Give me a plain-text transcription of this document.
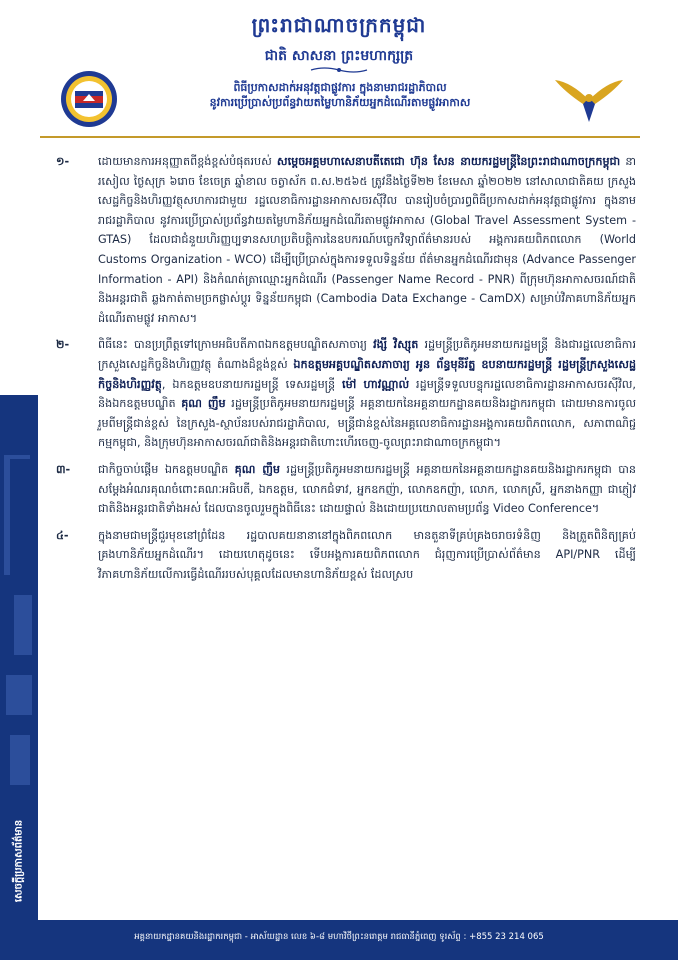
ព្រះរាជាណាចក្រកម្ពុជា
ជាតិ សាសនា ព្រះមហាក្សត្រ
ពិធីប្រកាសដាក់អនុវត្តជាផ្លូវការ ក្នុងនាមរាជរដ្ឋាភិបាល
នូវការប្រើប្រាស់ប្រព័ន្ធវាយតម្លៃហានិភ័យអ្នកដំណើរតាមផ្លូវអាកាស
សេចក្តីប្រកាសព័ត៌មាន
១-	ដោយមានការអនុញ្ញាតពីខ្ពង់ខ្ពស់បំផុតរបស់ សម្តេចអគ្គមហាសេនាបតីតេជោ ហ៊ុន សែន នាយករដ្ឋមន្ត្រីនៃព្រះរាជាណាចក្រកម្ពុជា នារសៀល ថ្ងៃសុក្រ ៦រោច ខែចេត្រ ឆ្នាំខាល ចត្វាស័ក ព.ស.២៥៦៥ ត្រូវនឹងថ្ងៃទី២២ ខែមេសា ឆ្នាំ២០២២ នៅសាលាជាតិគយ ក្រសួងសេដ្ឋកិច្ចនិងហិរញ្ញវត្ថុសហការជាមួយ រដ្ឋលេខាធិការដ្ឋានអាកាសចរស៊ីវិល បានរៀបចំប្រារព្ធពិធីប្រកាសដាក់អនុវត្តជាផ្លូវការ ក្នុងនាមរាជរដ្ឋាភិបាល នូវការប្រើប្រាស់ប្រព័ន្ធវាយតម្លៃហានិភ័យអ្នកដំណើរតាមផ្លូវអាកាស (Global Travel Assessment System - GTAS) ដែលជាជំនួយហិរញ្ញប្បទានសហប្រតិបត្តិការនៃឧបករណ៍បច្ចេកវិទ្យាព័ត៌មានរបស់ អង្គការគយពិភពលោក (World Customs Organization - WCO) ដើម្បីប្រើប្រាស់ក្នុងការទទួលទិន្នន័យ ព័ត៌មានអ្នកដំណើរជាមុន (Advance Passenger Information - API) និងកំណត់ត្រាឈ្មោះអ្នកដំណើរ (Passenger Name Record - PNR) ពីក្រុមហ៊ុនអាកាសចរណ៍ជាតិនិងអន្តរជាតិ ឆ្លងកាត់តាមច្រកផ្លាស់ប្តូរ ទិន្នន័យកម្ពុជា (Cambodia Data Exchange - CamDX) សម្រាប់វិភាគហានិភ័យអ្នកដំណើរតាមផ្លូវ អាកាស។
២-	ពិធីនេះ បានប្រព្រឹត្តទៅក្រោមអធិបតីភាពឯកឧត្តមបណ្ឌិតសភាចារ្យ វង្សី វិស្សុត រដ្ឋមន្ត្រីប្រតិភូអមនាយករដ្ឋមន្ត្រី និងជារដ្ឋលេខាធិការក្រសួងសេដ្ឋកិច្ចនិងហិរញ្ញវត្ថុ តំណាងដ៏ខ្ពង់ខ្ពស់ ឯកឧត្តមអគ្គបណ្ឌិតសភាចារ្យ អូន ព័ន្ធមុនីរ័ត្ន ឧបនាយករដ្ឋមន្ត្រី រដ្ឋមន្ត្រីក្រសួងសេដ្ឋកិច្ចនិងហិរញ្ញវត្ថុ, ឯកឧត្តមឧបនាយករដ្ឋមន្ត្រី ទេសរដ្ឋមន្ត្រី ម៉ៅ ហាវណ្ណាល់ រដ្ឋមន្ត្រីទទួលបន្ទុករដ្ឋលេខាធិការដ្ឋានអាកាសចរស៊ីវិល, និងឯកឧត្តមបណ្ឌិត គុណ ញឹម រដ្ឋមន្ត្រីប្រតិភូអមនាយករដ្ឋមន្ត្រី អគ្គនាយកនៃអគ្គនាយកដ្ឋានគយនិងរដ្ឋាករកម្ពុជា ដោយមានការចូលរួមពីមន្ត្រីជាន់ខ្ពស់ នៃក្រសួង-ស្ថាប័នរបស់រាជរដ្ឋាភិបាល, មន្ត្រីជាន់ខ្ពស់នៃអគ្គលេខាធិការដ្ឋានអង្គការគយពិភពលោក, សភាពាណិជ្ជកម្មកម្ពុជា, និងក្រុមហ៊ុនអាកាសចរណ៍ជាតិនិងអន្តរជាតិហោះហើរចេញ-ចូលព្រះរាជាណាចក្រកម្ពុជា។
៣- ជាកិច្ចចាប់ផ្តើម ឯកឧត្តមបណ្ឌិត គុណ ញឹម រដ្ឋមន្ត្រីប្រតិភូអមនាយករដ្ឋមន្ត្រី អគ្គនាយកនៃអគ្គនាយកដ្ឋានគយនិងរដ្ឋាករកម្ពុជា បានសម្តែងអំណរគុណចំពោះគណៈអធិបតី, ឯកឧត្តម, លោកជំទាវ, អ្នកឧកញ៉ា, លោកឧកញ៉ា, លោក, លោកស្រី, អ្នកនាងកញ្ញា ជាភ្ញៀវជាតិនិងអន្តរជាតិទាំងអស់ ដែលបានចូលរួមក្នុងពិធីនេះ ដោយផ្ទាល់ និងដោយប្រយោលតាមប្រព័ន្ធ Video Conference។
៤-	ក្នុងនាមជាមន្ត្រីជួរមុខនៅព្រំដែន រដ្ឋបាលគយនានានៅក្នុងពិភពលោក មានតួនាទីគ្រប់គ្រងចរាចរទំនិញ និងត្រួតពិនិត្យគ្រប់គ្រងហានិភ័យអ្នកដំណើរ។ ដោយហេតុដូចនេះ ទើបអង្គការគយពិភពលោក ជំរុញការប្រើប្រាស់ព័ត៌មាន API/PNR ដើម្បីវិភាគហានិភ័យលើការធ្វើដំណើររបស់បុគ្គលដែលមានហានិភ័យខ្ពស់ ដែលស្រប
អគ្គនាយកដ្ឋានគយនិងរដ្ឋាករកម្ពុជា - អាស័យដ្ឋាន លេខ ៦-៨ មហាវិថីព្រះនរោត្តម រាជធានីភ្នំពេញ ទូរស័ព្ទ : +855 23 214 065
